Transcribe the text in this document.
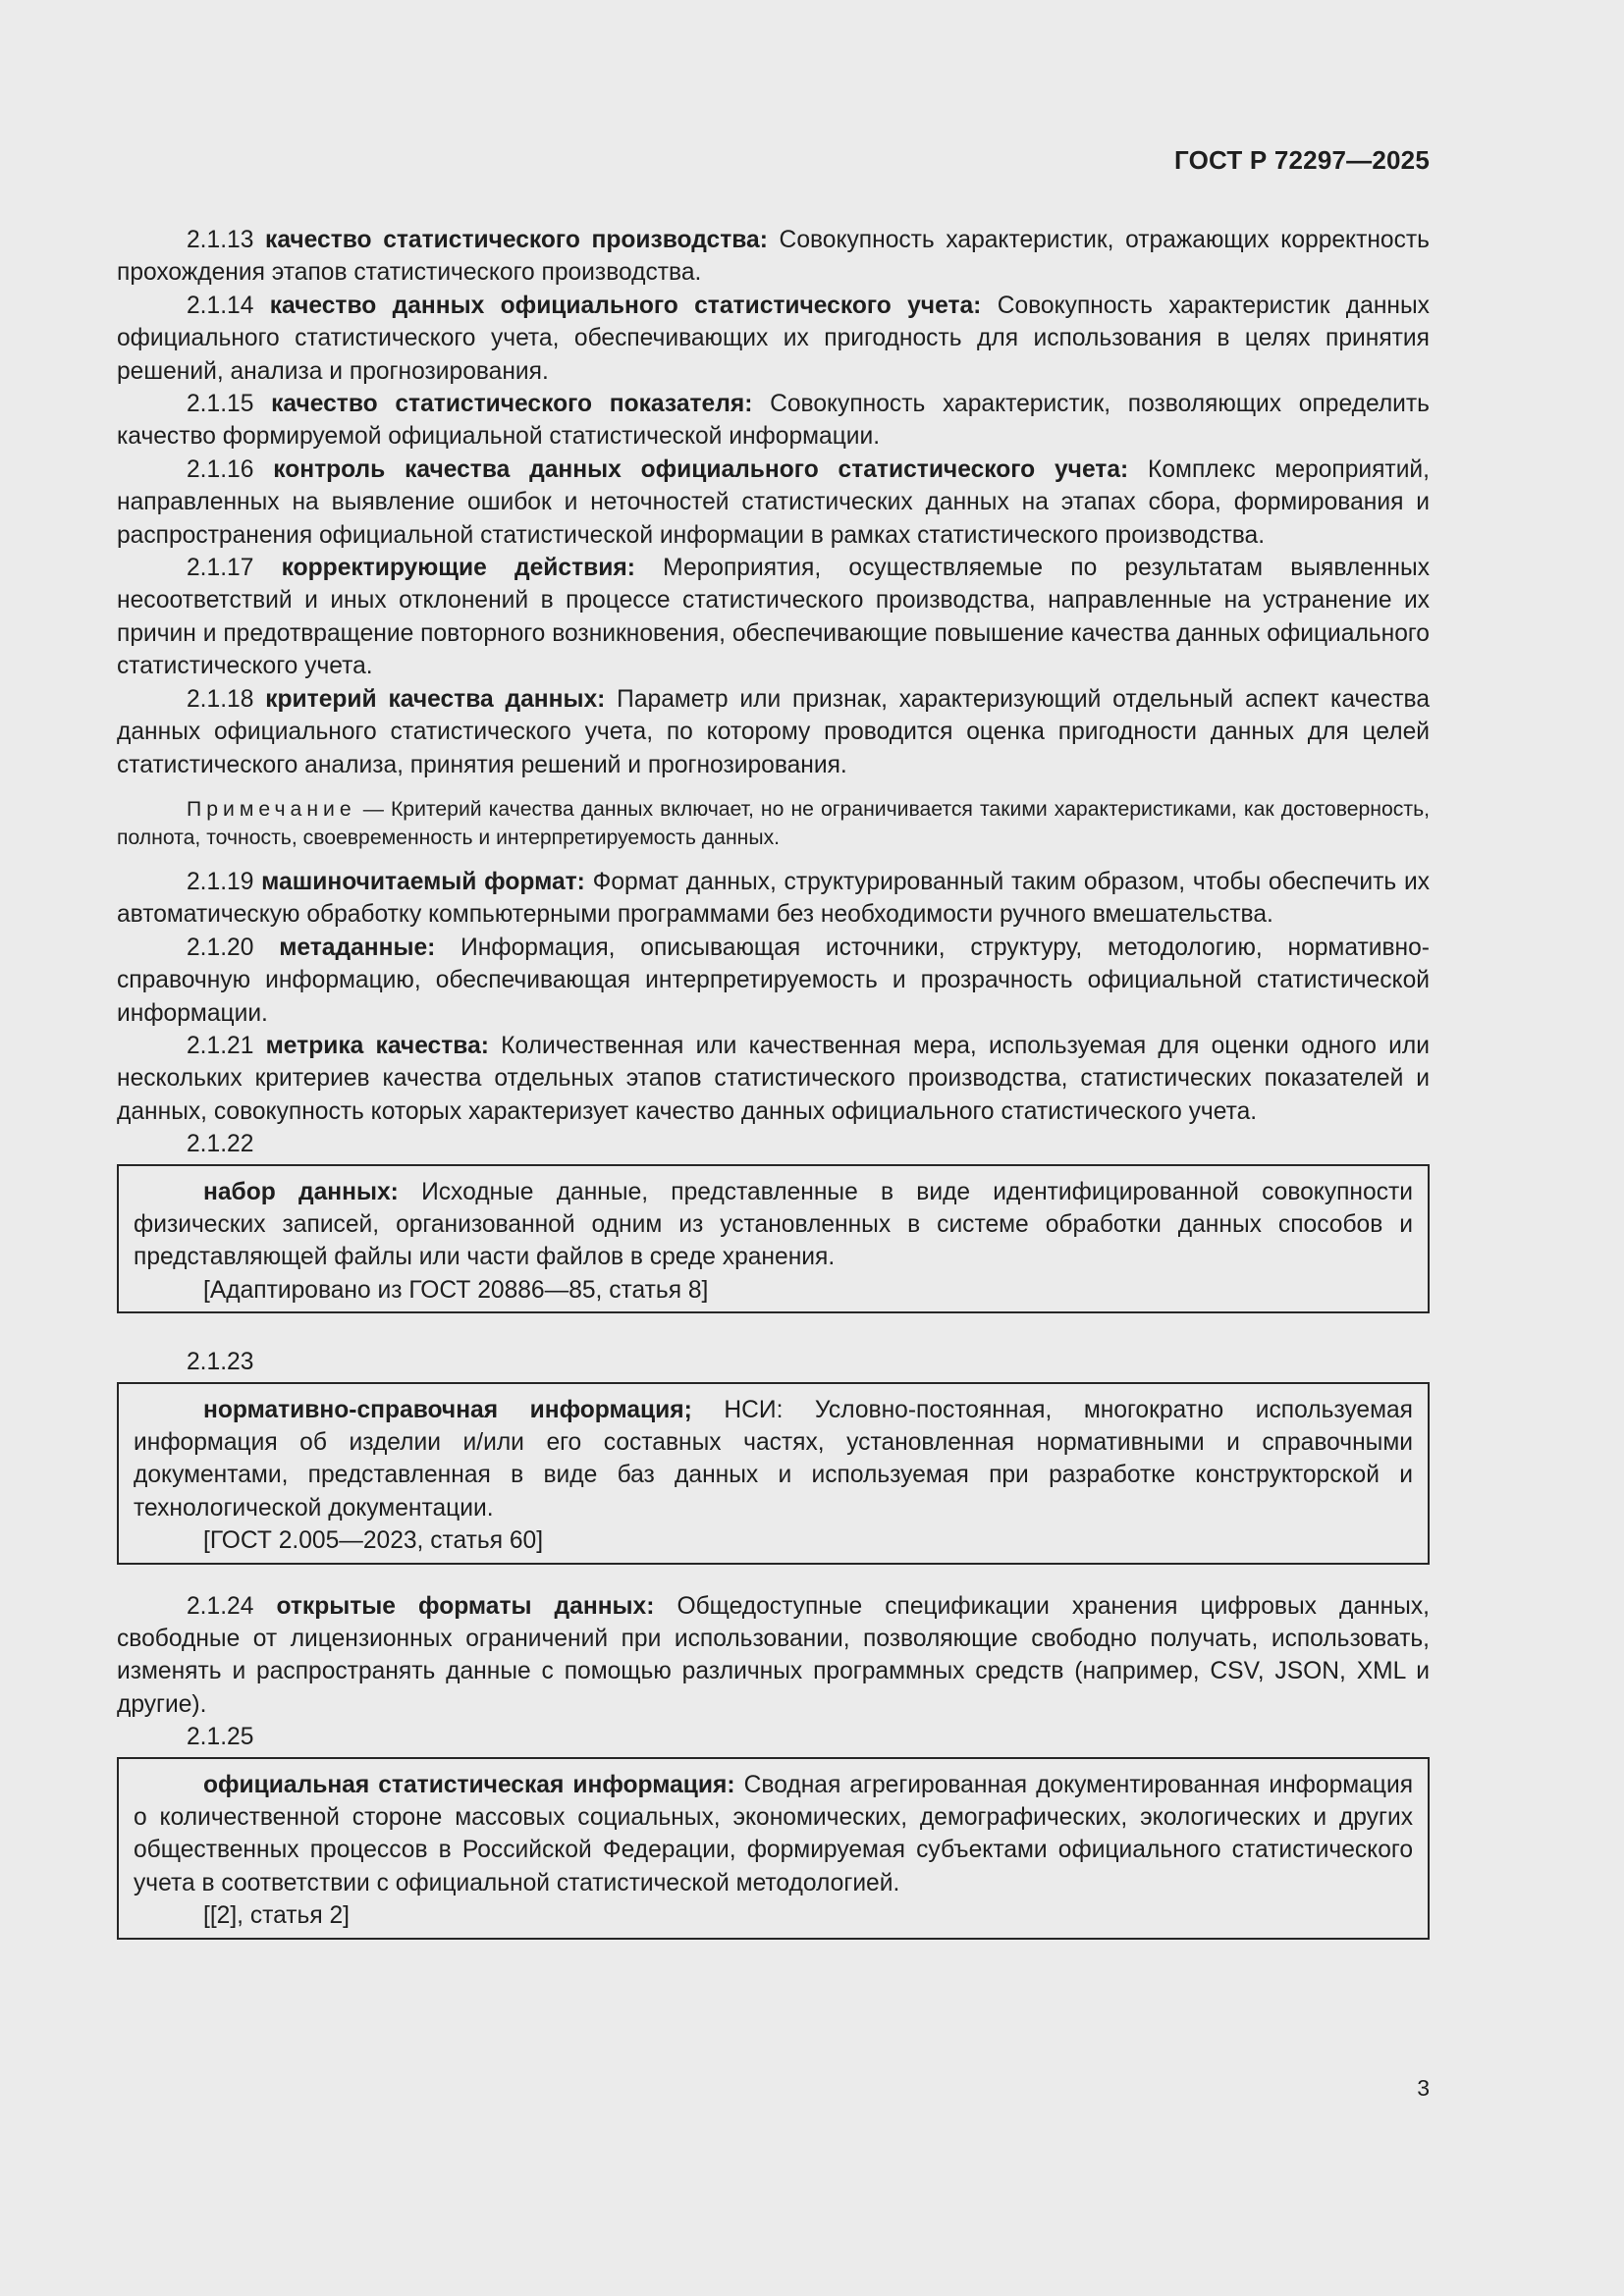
ГОСТ Р 72297—2025

2.1.13 качество статистического производства: Совокупность характеристик, отражающих корректность прохождения этапов статистического производства.

2.1.14 качество данных официального статистического учета: Совокупность характеристик данных официального статистического учета, обеспечивающих их пригодность для использования в целях принятия решений, анализа и прогнозирования.

2.1.15 качество статистического показателя: Совокупность характеристик, позволяющих определить качество формируемой официальной статистической информации.

2.1.16 контроль качества данных официального статистического учета: Комплекс мероприятий, направленных на выявление ошибок и неточностей статистических данных на этапах сбора, формирования и распространения официальной статистической информации в рамках статистического производства.

2.1.17 корректирующие действия: Мероприятия, осуществляемые по результатам выявленных несоответствий и иных отклонений в процессе статистического производства, направленные на устранение их причин и предотвращение повторного возникновения, обеспечивающие повышение качества данных официального статистического учета.

2.1.18 критерий качества данных: Параметр или признак, характеризующий отдельный аспект качества данных официального статистического учета, по которому проводится оценка пригодности данных для целей статистического анализа, принятия решений и прогнозирования.

Примечание — Критерий качества данных включает, но не ограничивается такими характеристиками, как достоверность, полнота, точность, своевременность и интерпретируемость данных.

2.1.19 машиночитаемый формат: Формат данных, структурированный таким образом, чтобы обеспечить их автоматическую обработку компьютерными программами без необходимости ручного вмешательства.

2.1.20 метаданные: Информация, описывающая источники, структуру, методологию, нормативно-справочную информацию, обеспечивающая интерпретируемость и прозрачность официальной статистической информации.

2.1.21 метрика качества: Количественная или качественная мера, используемая для оценки одного или нескольких критериев качества отдельных этапов статистического производства, статистических показателей и данных, совокупность которых характеризует качество данных официального статистического учета.

2.1.22

набор данных: Исходные данные, представленные в виде идентифицированной совокупности физических записей, организованной одним из установленных в системе обработки данных способов и представляющей файлы или части файлов в среде хранения.

[Адаптировано из ГОСТ 20886—85, статья 8]

2.1.23

нормативно-справочная информация; НСИ: Условно-постоянная, многократно используемая информация об изделии и/или его составных частях, установленная нормативными и справочными документами, представленная в виде баз данных и используемая при разработке конструкторской и технологической документации.

[ГОСТ 2.005—2023, статья 60]

2.1.24 открытые форматы данных: Общедоступные спецификации хранения цифровых данных, свободные от лицензионных ограничений при использовании, позволяющие свободно получать, использовать, изменять и распространять данные с помощью различных программных средств (например, CSV, JSON, XML и другие).

2.1.25

официальная статистическая информация: Сводная агрегированная документированная информация о количественной стороне массовых социальных, экономических, демографических, экологических и других общественных процессов в Российской Федерации, формируемая субъектами официального статистического учета в соответствии с официальной статистической методологией.

[[2], статья 2]

3
